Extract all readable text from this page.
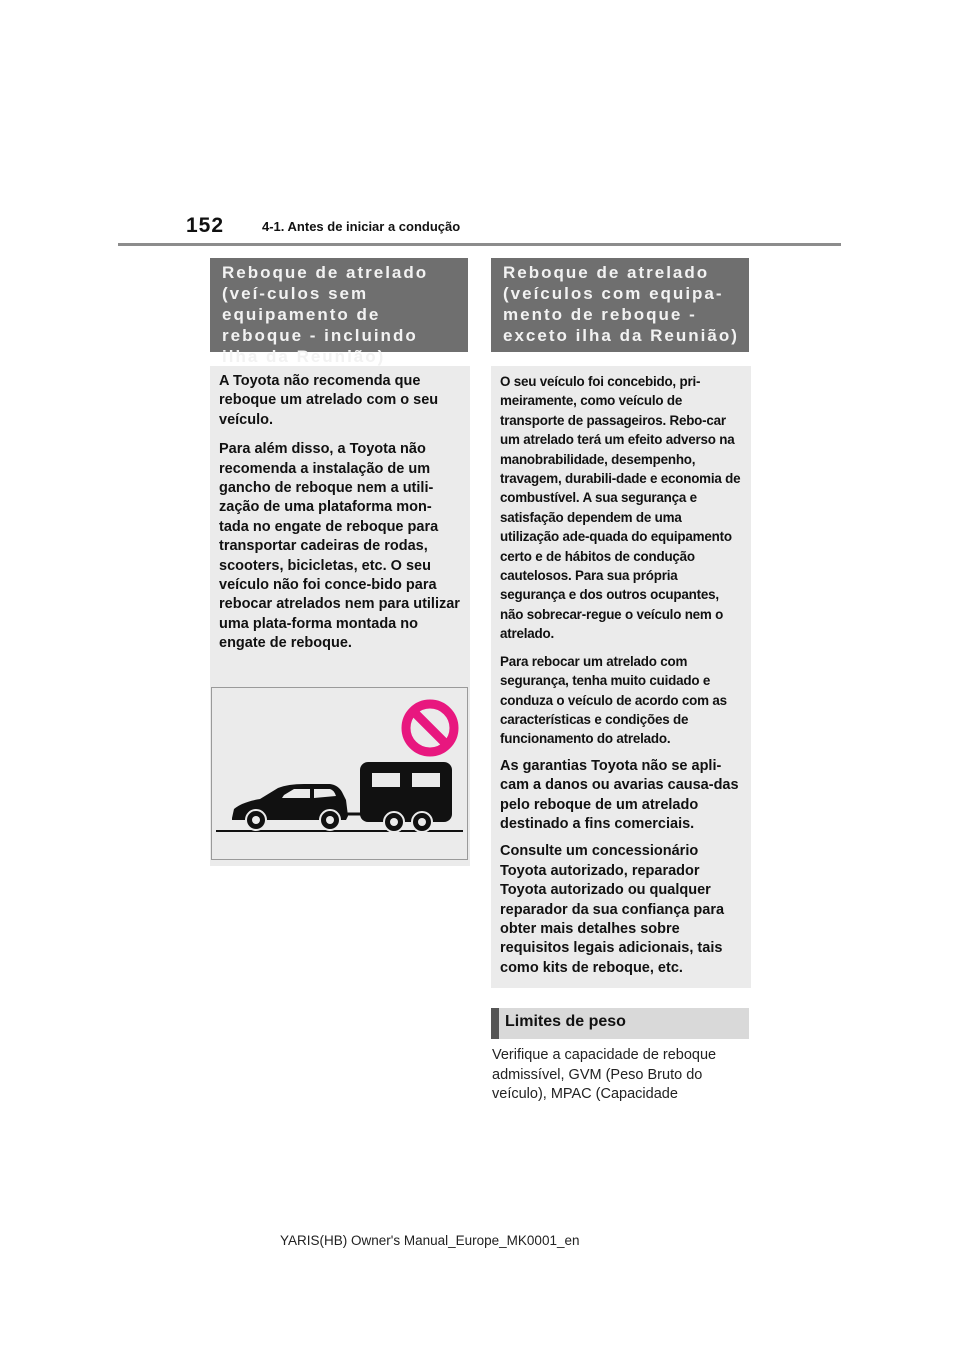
152	4-1. Antes de iniciar a condução
Reboque de atrelado (veí-culos sem equipamento de reboque - incluindo ilha da Reunião)
Reboque de atrelado (veículos com equipa-mento de reboque - exceto ilha da Reunião)

A Toyota não recomenda que reboque um atrelado com o seu veículo.

Para além disso, a Toyota não recomenda a instalação de um gancho de reboque nem a utili-zação de uma plataforma mon-tada no engate de reboque para transportar cadeiras de rodas, scooters, bicicletas, etc. O seu veículo não foi conce-bido para rebocar atrelados nem para utilizar uma plata-forma montada no engate de reboque.

O seu veículo foi concebido, pri-meiramente, como veículo de transporte de passageiros. Rebo-car um atrelado terá um efeito adverso na manobrabilidade, desempenho, travagem, durabili-dade e economia de combustível. A sua segurança e satisfação dependem de uma utilização ade-quada do equipamento certo e de hábitos de condução cautelosos. Para sua própria segurança e dos outros ocupantes, não sobrecar-regue o veículo nem o atrelado.

Para rebocar um atrelado com segurança, tenha muito cuidado e conduza o veículo de acordo com as características e condições de funcionamento do atrelado.

As garantias Toyota não se apli-cam a danos ou avarias causa-das pelo reboque de um atrelado destinado a fins comerciais.

Consulte um concessionário Toyota autorizado, reparador Toyota autorizado ou qualquer reparador da sua confiança para obter mais detalhes sobre requisitos legais adicionais, tais como kits de reboque, etc.

Limites de peso
Verifique a capacidade de reboque admissível, GVM (Peso Bruto do veículo), MPAC (Capacidade
YARIS(HB) Owner's Manual_Europe_MK0001_en
